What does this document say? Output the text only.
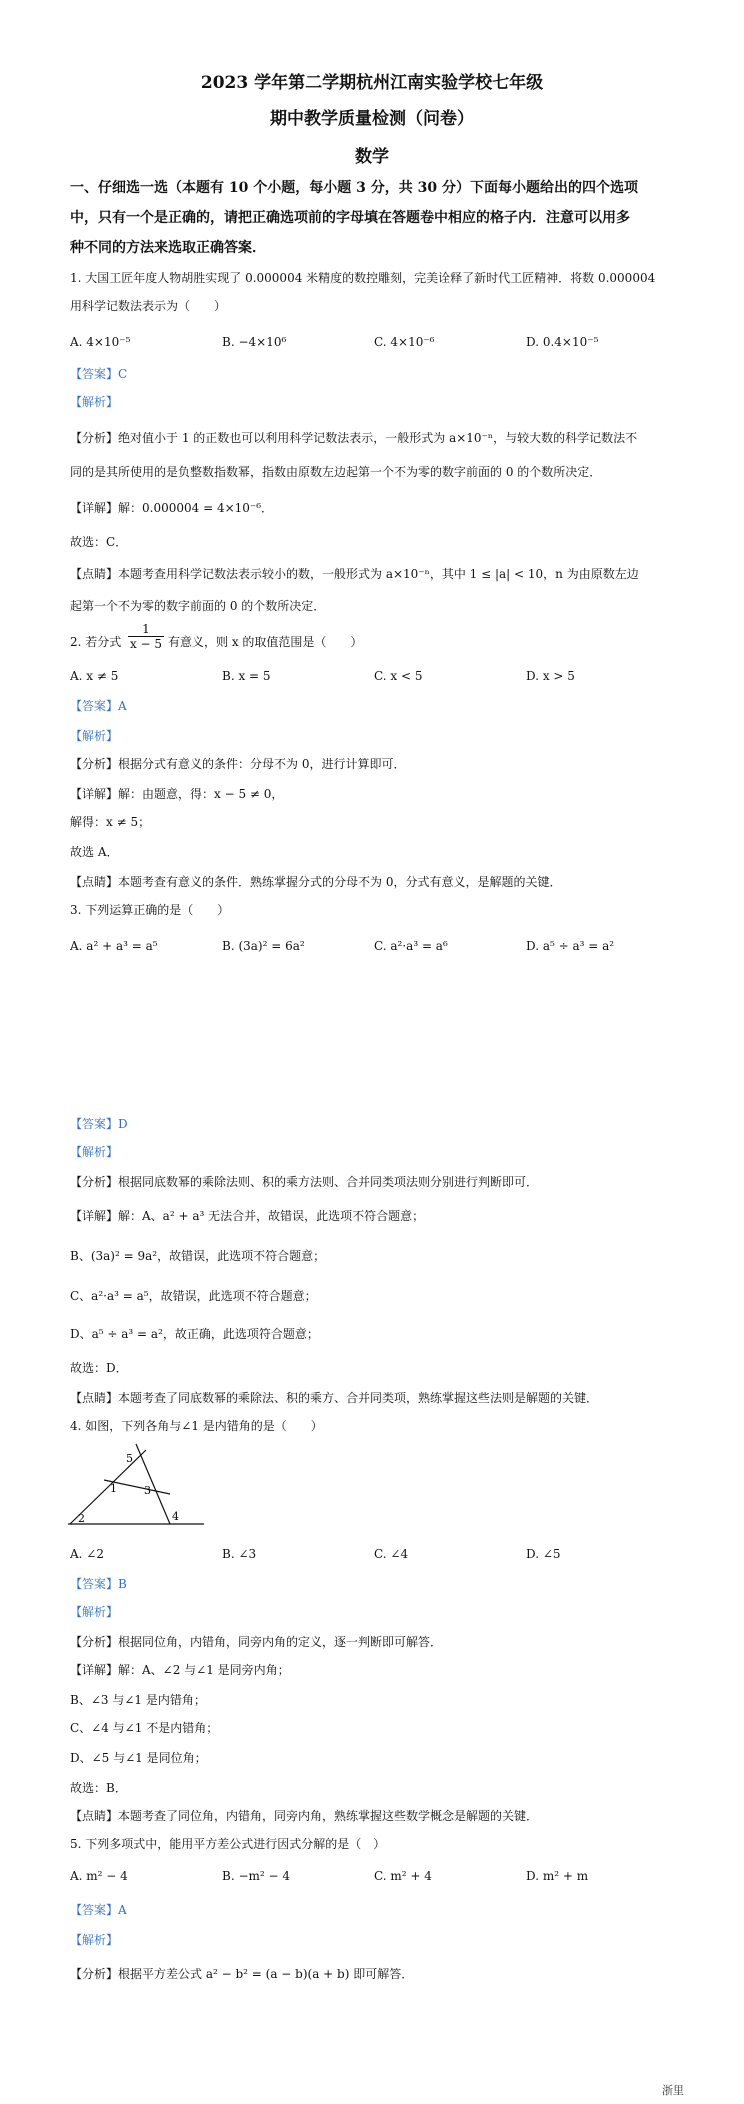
2023 学年第二学期杭州江南实验学校七年级
期中教学质量检测（问卷）
数学
一、仔细选一选（本题有 10 个小题，每小题 3 分，共 30 分）下面每小题给出的四个选项
中，只有一个是正确的，请把正确选项前的字母填在答题卷中相应的格子内．注意可以用多
种不同的方法来选取正确答案．
1. 大国工匠年度人物胡胜实现了 0.000004 米精度的数控雕刻，完美诠释了新时代工匠精神．将数 0.000004
用科学记数法表示为（　　）
A. 4×10⁻⁵	B. −4×10⁶	C. 4×10⁻⁶	D. 0.4×10⁻⁵
【答案】C
【解析】
【分析】绝对值小于 1 的正数也可以利用科学记数法表示，一般形式为 a×10⁻ⁿ，与较大数的科学记数法不
同的是其所使用的是负整数指数幂，指数由原数左边起第一个不为零的数字前面的 0 的个数所决定．
【详解】解：0.000004 = 4×10⁻⁶．
故选：C．
【点睛】本题考查用科学记数法表示较小的数，一般形式为 a×10⁻ⁿ，其中 1 ≤ |a| < 10，n 为由原数左边
起第一个不为零的数字前面的 0 的个数所决定．
2. 若分式 $\frac{1}{x - 5}$ 有意义，则 x 的取值范围是（　　）
A. x ≠ 5	B. x = 5	C. x < 5	D. x > 5
【答案】A
【解析】
【分析】根据分式有意义的条件：分母不为 0，进行计算即可．
【详解】解：由题意，得：x − 5 ≠ 0，
解得：x ≠ 5；
故选 A．
【点睛】本题考查有意义的条件．熟练掌握分式的分母不为 0，分式有意义，是解题的关键．
3. 下列运算正确的是（　　）
A. a² + a³ = a⁵	B. (3a)² = 6a²	C. a²·a³ = a⁶	D. a⁵ ÷ a³ = a²
【答案】D
【解析】
【分析】根据同底数幂的乘除法则、积的乘方法则、合并同类项法则分别进行判断即可．
【详解】解：A、a² + a³ 无法合并，故错误，此选项不符合题意；
B、(3a)² = 9a²，故错误，此选项不符合题意；
C、a²·a³ = a⁵，故错误，此选项不符合题意；
D、a⁵ ÷ a³ = a²，故正确，此选项符合题意；
故选：D．
【点睛】本题考查了同底数幂的乘除法、积的乘方、合并同类项，熟练掌握这些法则是解题的关键．
4. 如图，下列各角与∠1 是内错角的是（　　）
5
1 3
2	4
A. ∠2	B. ∠3	C. ∠4	D. ∠5
【答案】B
【解析】
【分析】根据同位角，内错角，同旁内角的定义，逐一判断即可解答．
【详解】解：A、∠2 与∠1 是同旁内角；
B、∠3 与∠1 是内错角；
C、∠4 与∠1 不是内错角；
D、∠5 与∠1 是同位角；
故选：B．
【点睛】本题考查了同位角，内错角，同旁内角，熟练掌握这些数学概念是解题的关键．
5. 下列多项式中，能用平方差公式进行因式分解的是（　）
A. m² − 4	B. −m² − 4	C. m² + 4	D. m² + m
【答案】A
【解析】
【分析】根据平方差公式 a² − b² = (a − b)(a + b) 即可解答．
浙里
